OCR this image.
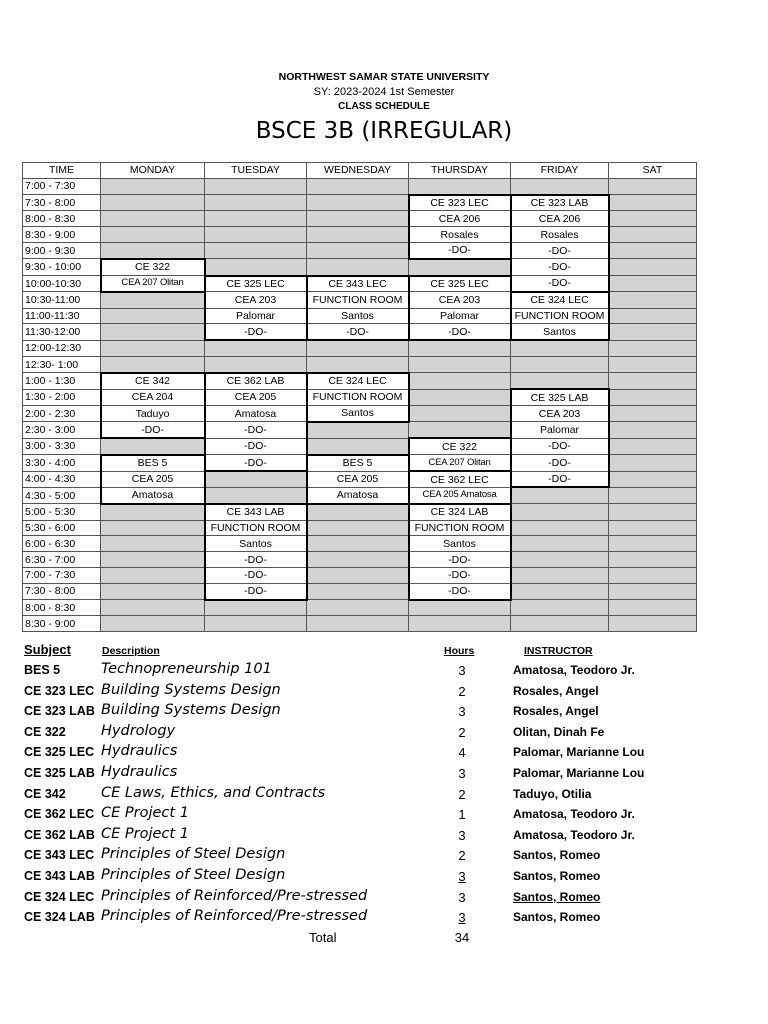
NORTHWEST SAMAR STATE UNIVERSITY
SY: 2023-2024 1st Semester
CLASS SCHEDULE
BSCE 3B (IRREGULAR)
TIME	MONDAY	TUESDAY	WEDNESDAY	THURSDAY	FRIDAY	SAT
7:00 - 7:30						
7:30 - 8:00				CE 323 LEC	CE 323 LAB	
8:00 - 8:30				CEA 206	CEA 206	
8:30 - 9:00				Rosales	Rosales	
9:00 - 9:30				-DO-	-DO-	
9:30 - 10:00	CE 322				-DO-	
10:00-10:30	CEA 207 Olitan	CE 325 LEC	CE 343 LEC	CE 325 LEC	-DO-	
10:30-11:00		CEA 203	FUNCTION ROOM	CEA 203	CE 324 LEC	
11:00-11:30		Palomar	Santos	Palomar	FUNCTION ROOM	
11:30-12:00		-DO-	-DO-	-DO-	Santos	
12:00-12:30						
12:30- 1:00						
1:00 - 1:30	CE 342	CE 362 LAB	CE 324 LEC			
1:30 - 2:00	CEA 204	CEA 205	FUNCTION ROOM		CE 325 LAB	
2:00 - 2:30	Taduyo	Amatosa	Santos		CEA 203	
2:30 - 3:00	-DO-	-DO-			Palomar	
3:00 - 3:30		-DO-		CE 322	-DO-	
3:30 - 4:00	BES 5	-DO-	BES 5	CEA 207 Olitan	-DO-	
4:00 - 4:30	CEA 205		CEA 205	CE 362 LEC	-DO-	
4:30 - 5:00	Amatosa		Amatosa	CEA 205 Amatosa		
5:00 - 5:30		CE 343 LAB		CE 324 LAB		
5:30 - 6:00		FUNCTION ROOM		FUNCTION ROOM		
6:00 - 6:30		Santos		Santos		
6:30 - 7:00		-DO-		-DO-		
7:00 - 7:30		-DO-		-DO-		
7:30 - 8:00		-DO-		-DO-		
8:00 - 8:30						
8:30 - 9:00						
Subject	Description	Hours	INSTRUCTOR
BES 5	Technopreneurship 101	3	Amatosa, Teodoro Jr.
CE 323 LEC Building Systems Design	2	Rosales, Angel
CE 323 LAB Building Systems Design	3	Rosales, Angel
CE 322 Hydrology	2	Olitan, Dinah Fe
CE 325 LEC Hydraulics	4	Palomar, Marianne Lou
CE 325 LAB Hydraulics	3	Palomar, Marianne Lou
CE 342 CE Laws, Ethics, and Contracts	2	Taduyo, Otilia
CE 362 LEC CE Project 1	1	Amatosa, Teodoro Jr.
CE 362 LAB CE Project 1	3	Amatosa, Teodoro Jr.
CE 343 LEC Principles of Steel Design	2	Santos, Romeo
CE 343 LAB Principles of Steel Design	3	Santos, Romeo
CE 324 LEC Principles of Reinforced/Pre-stressed	3	Santos, Romeo
CE 324 LAB Principles of Reinforced/Pre-stressed	3	Santos, Romeo
Total	34
